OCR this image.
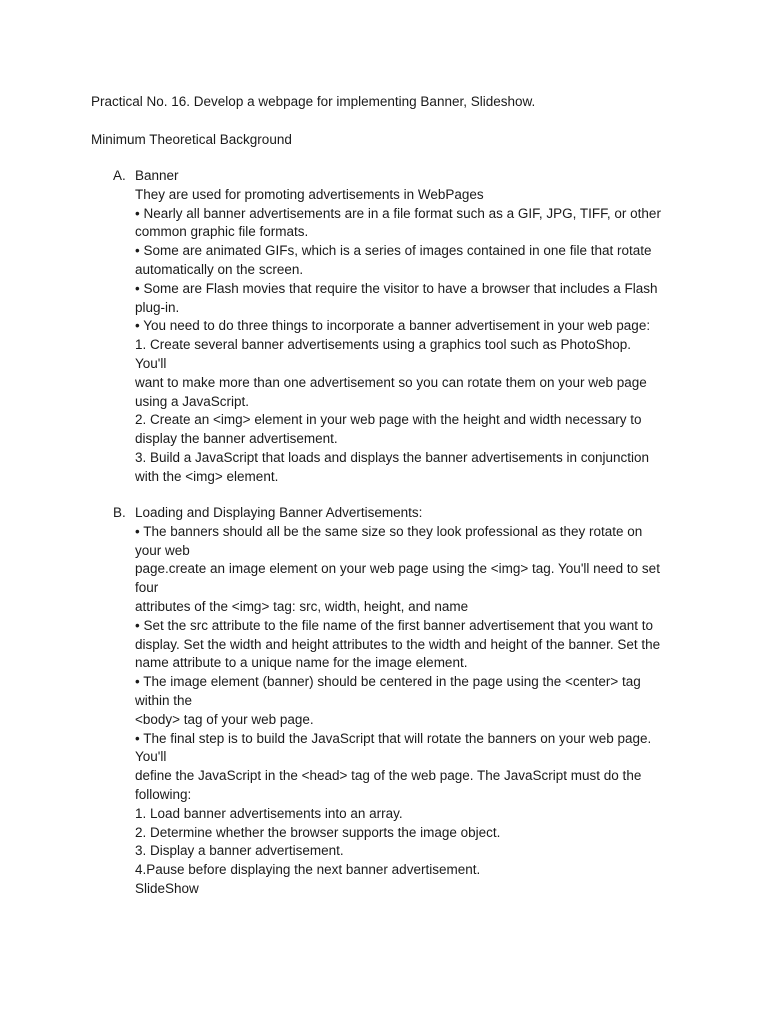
Practical No. 16. Develop a webpage for implementing Banner, Slideshow.
Minimum Theoretical Background
A. Banner
They are used for promoting advertisements in WebPages
• Nearly all banner advertisements are in a file format such as a GIF, JPG, TIFF, or other
common graphic file formats.
• Some are animated GIFs, which is a series of images contained in one file that rotate
automatically on the screen.
• Some are Flash movies that require the visitor to have a browser that includes a Flash
plug-in.
• You need to do three things to incorporate a banner advertisement in your web page:
1. Create several banner advertisements using a graphics tool such as PhotoShop.
You'll
want to make more than one advertisement so you can rotate them on your web page
using a JavaScript.
2. Create an <img> element in your web page with the height and width necessary to
display the banner advertisement.
3. Build a JavaScript that loads and displays the banner advertisements in conjunction
with the <img> element.
B. Loading and Displaying Banner Advertisements:
• The banners should all be the same size so they look professional as they rotate on
your web
page.create an image element on your web page using the <img> tag. You'll need to set
four
attributes of the <img> tag: src, width, height, and name
• Set the src attribute to the file name of the first banner advertisement that you want to
display. Set the width and height attributes to the width and height of the banner. Set the
name attribute to a unique name for the image element.
• The image element (banner) should be centered in the page using the <center> tag
within the
<body> tag of your web page.
• The final step is to build the JavaScript that will rotate the banners on your web page.
You'll
define the JavaScript in the <head> tag of the web page. The JavaScript must do the
following:
1. Load banner advertisements into an array.
2. Determine whether the browser supports the image object.
3. Display a banner advertisement.
4.Pause before displaying the next banner advertisement.
SlideShow
